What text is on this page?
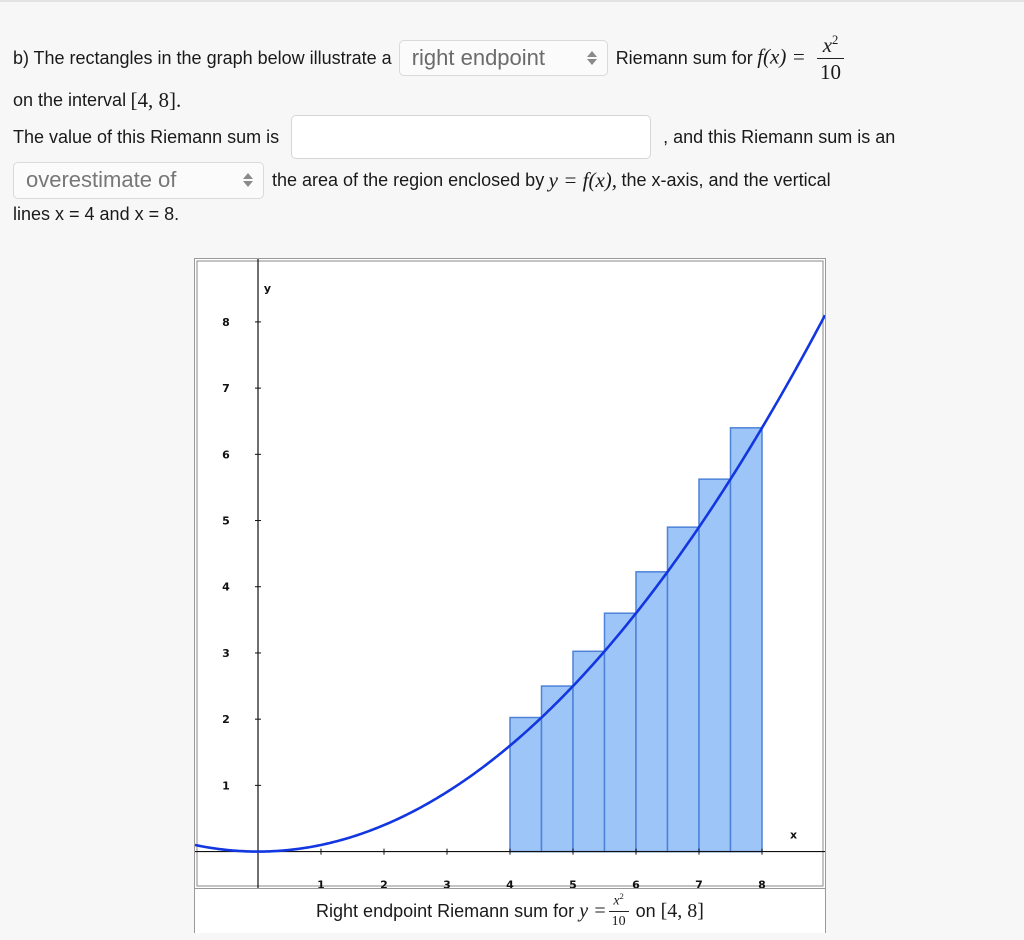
b)
The rectangles in the graph below illustrate a right endpoint	Riemann sum for
$f(x) = \frac{x^2}{10}$
on the interval
[4, 8] .
The value of this Riemann sum is	, and this Riemann sum is an
overestimate of	the area of the region enclosed by
y = f(x),
the x-axis, and the vertical
lines x = 4 and x = 8.
1	2	3	4	5	6	7	8
1
2
3
4
5
6
7
8
x
y
Right endpoint Riemann sum for
$y = \frac{x^2}{10}$
on
[4, 8]
